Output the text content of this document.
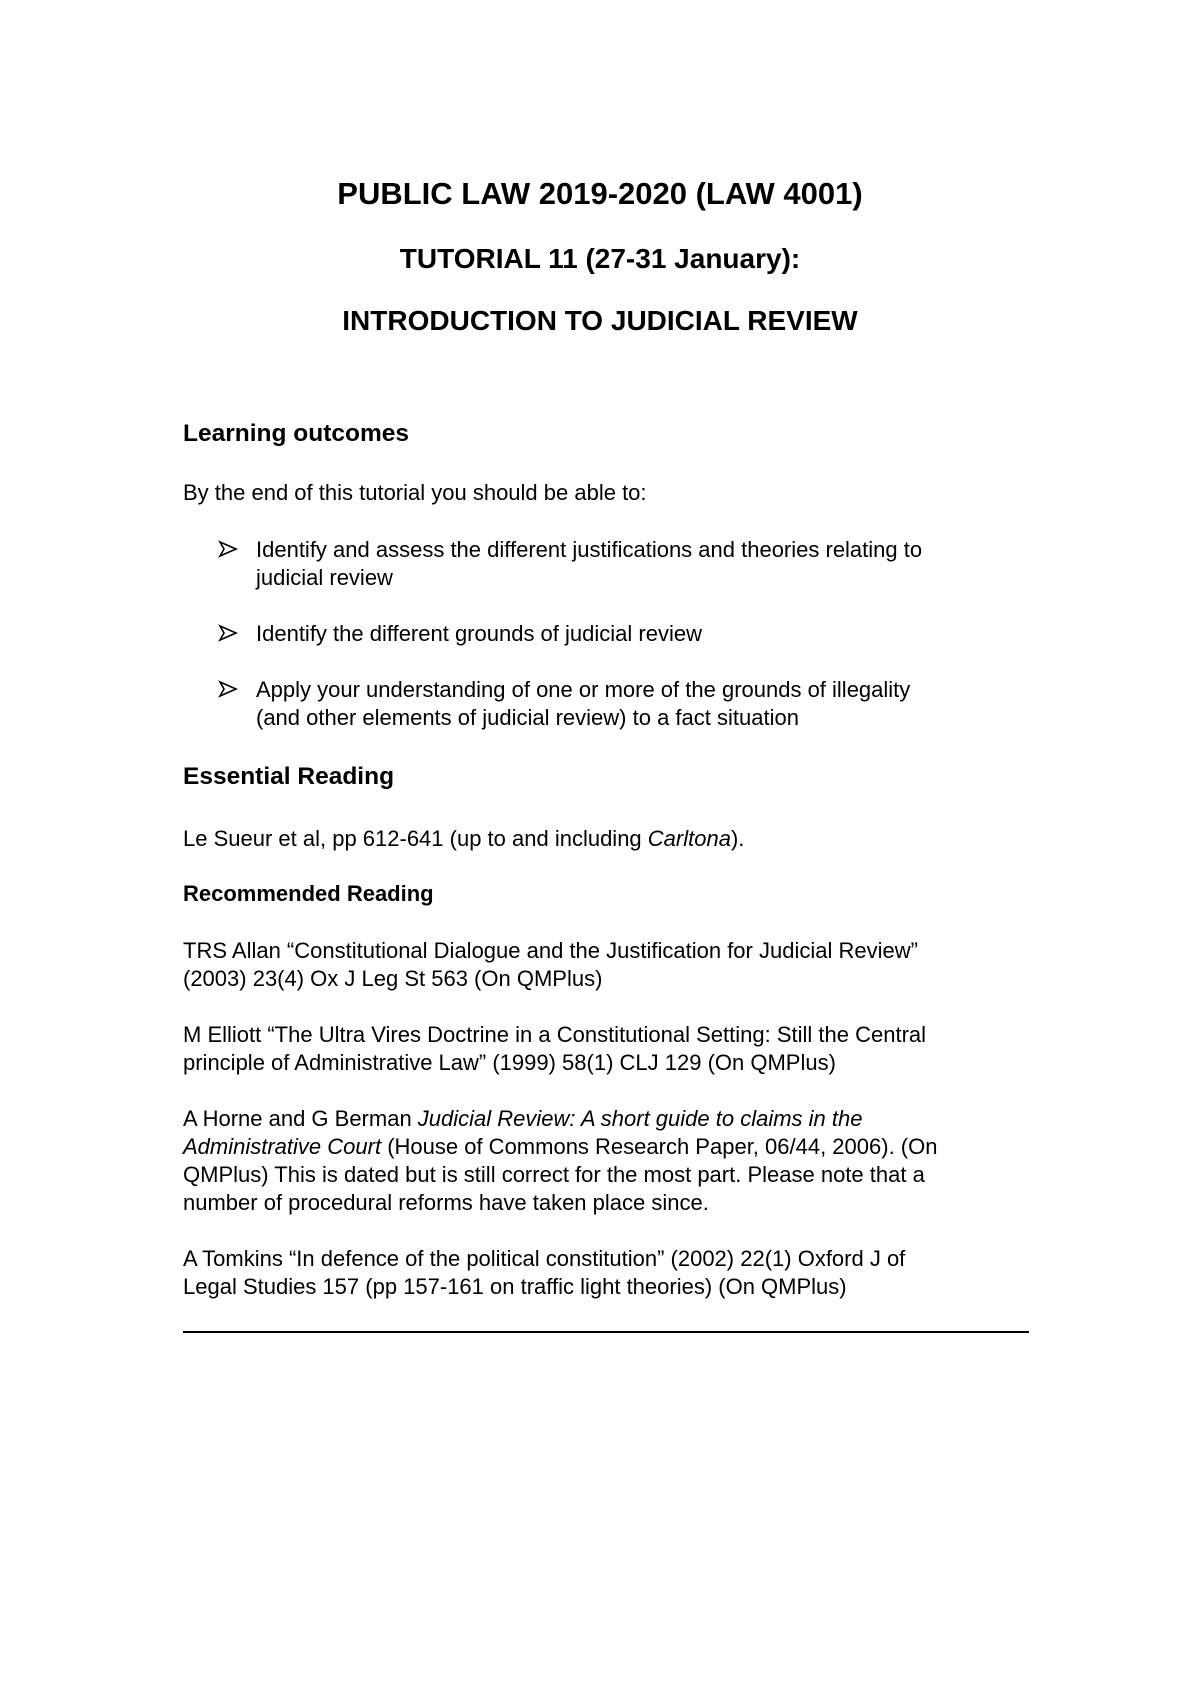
PUBLIC LAW 2019-2020 (LAW 4001)
TUTORIAL 11 (27-31 January):
INTRODUCTION TO JUDICIAL REVIEW

Learning outcomes

By the end of this tutorial you should be able to:

Identify and assess the different justifications and theories relating to
judicial review

Identify the different grounds of judicial review

Apply your understanding of one or more of the grounds of illegality
(and other elements of judicial review) to a fact situation

Essential Reading

Le Sueur et al, pp 612-641 (up to and including Carltona).

Recommended Reading

TRS Allan “Constitutional Dialogue and the Justification for Judicial Review”
(2003) 23(4) Ox J Leg St 563 (On QMPlus)

M Elliott “The Ultra Vires Doctrine in a Constitutional Setting: Still the Central
principle of Administrative Law” (1999) 58(1) CLJ 129 (On QMPlus)

A Horne and G Berman Judicial Review: A short guide to claims in the
Administrative Court (House of Commons Research Paper, 06/44, 2006). (On
QMPlus) This is dated but is still correct for the most part. Please note that a
number of procedural reforms have taken place since.

A Tomkins “In defence of the political constitution” (2002) 22(1) Oxford J of
Legal Studies 157 (pp 157-161 on traffic light theories) (On QMPlus)
